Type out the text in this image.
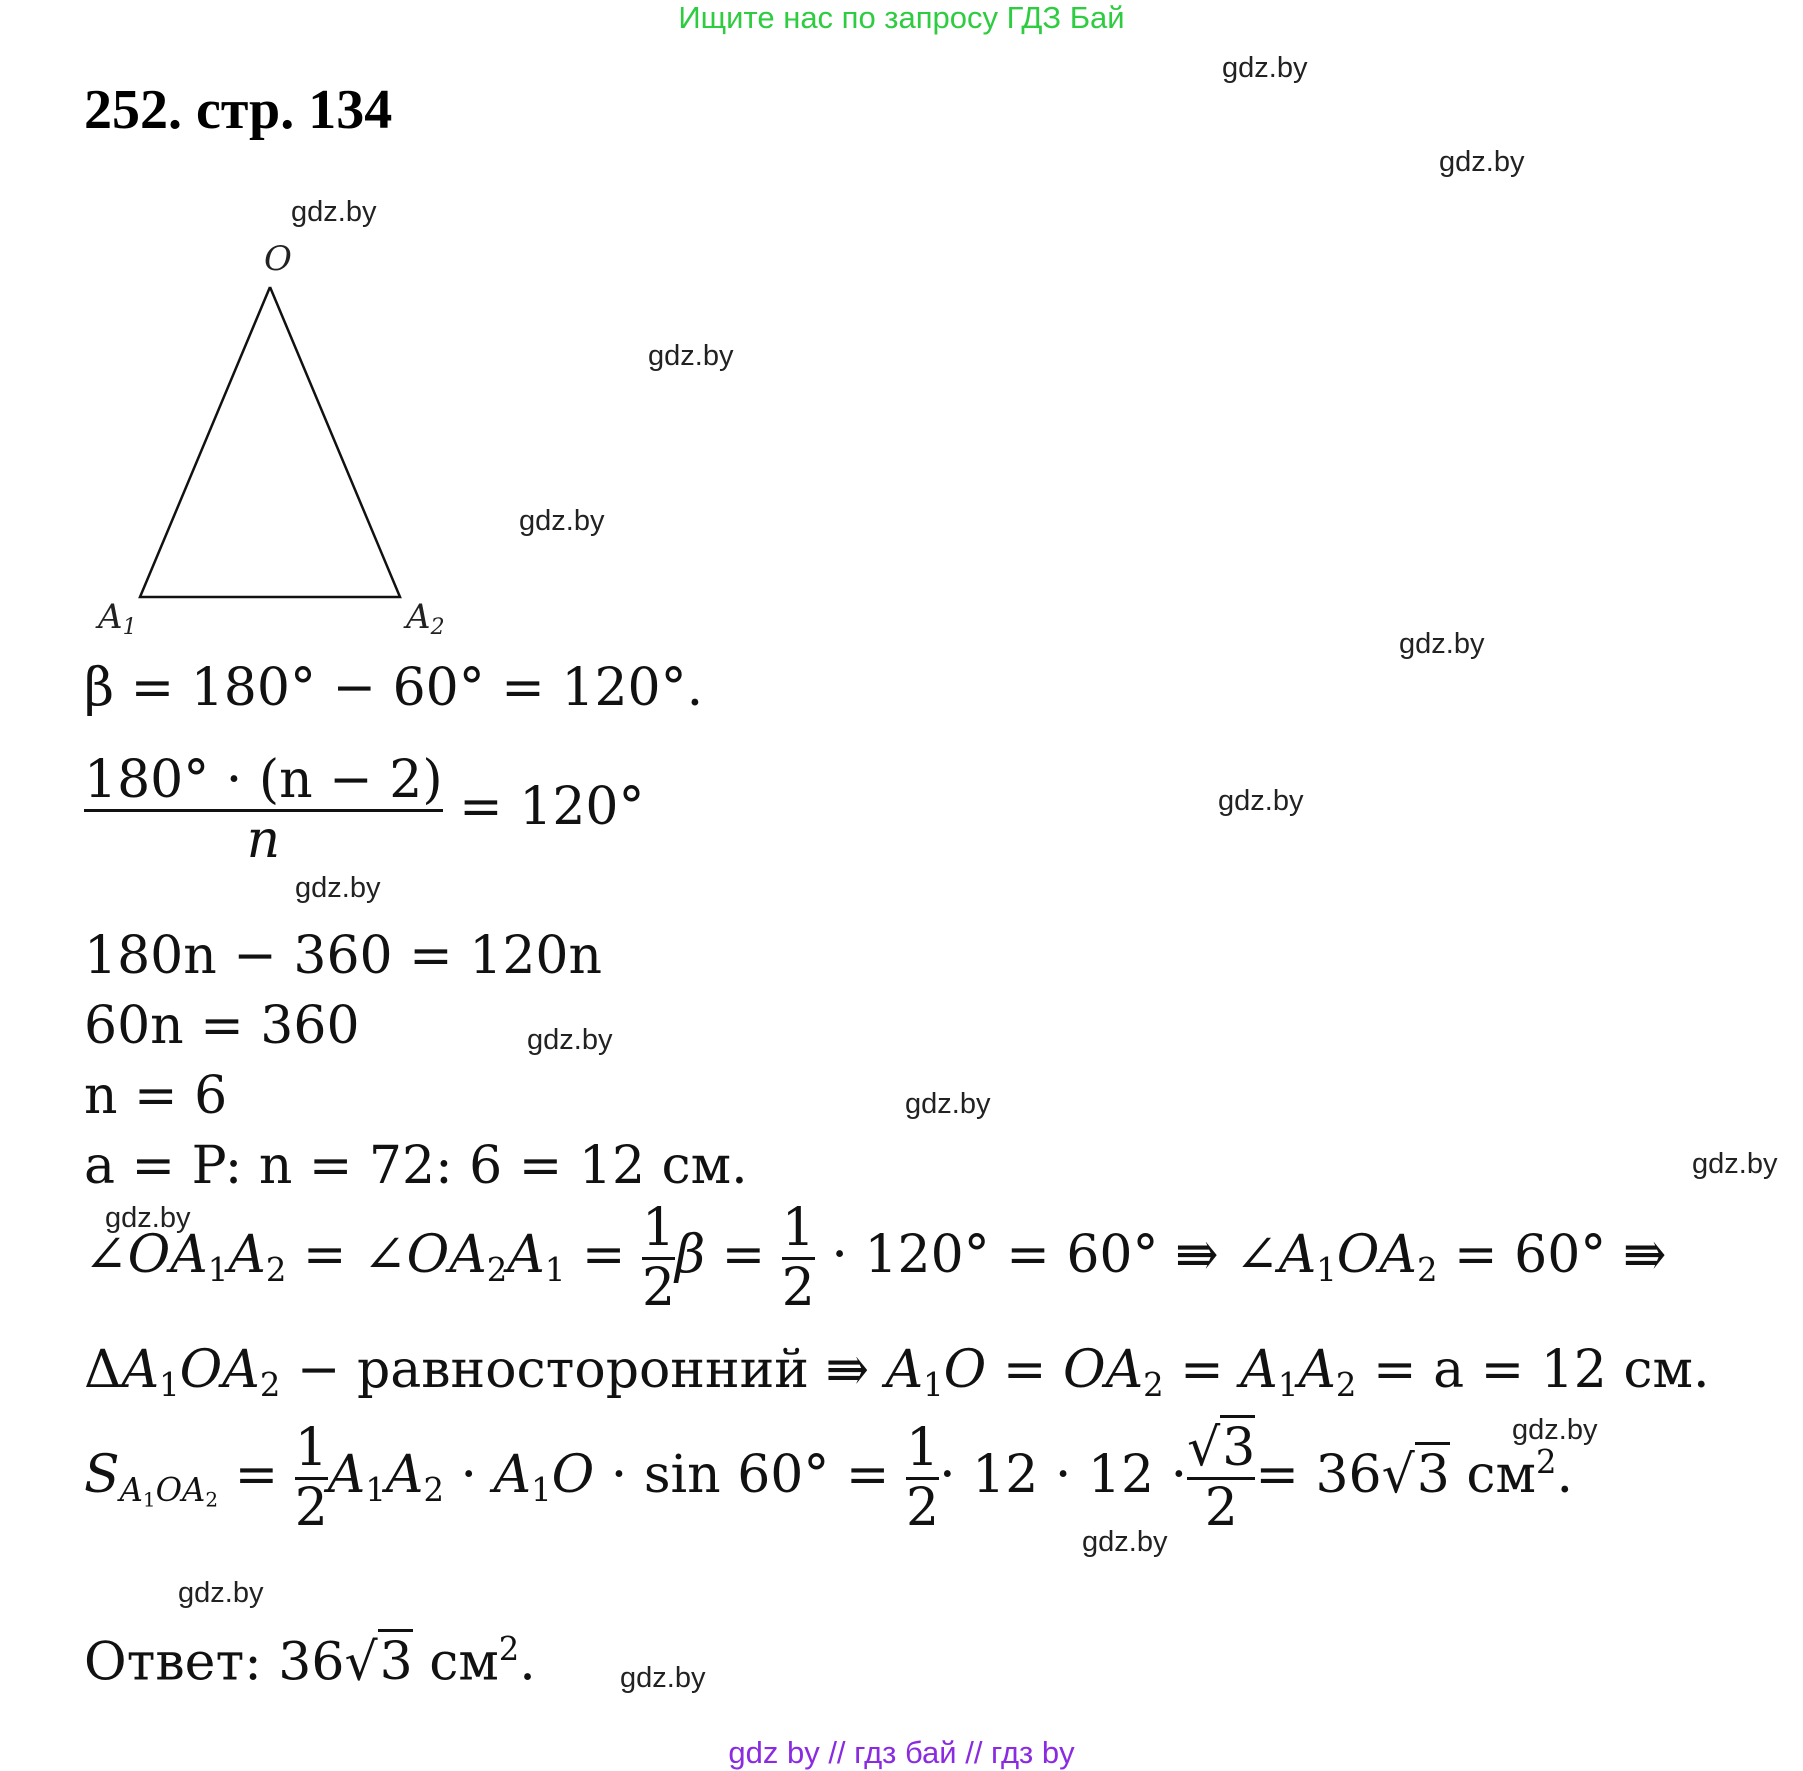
Ищите нас по запросу ГДЗ Бай
252. стр. 134
gdz.by
gdz.by
gdz.by
gdz.by
gdz.by
gdz.by
gdz.by
gdz.by
gdz.by
gdz.by
gdz.by
gdz.by
gdz.by
gdz.by
gdz.by
gdz.by
O
A1	A2
β = 180° − 60° = 120°.
$\frac{180^\circ \cdot (n - 2)}{n} = 120^\circ$
180n − 360 = 120n
60n = 360
n = 6
a = P: n = 72: 6 = 12 см.
$\angle OA_1A_2$ = $\angle OA_2A_1 = \frac{1}{2}$ $\beta = \frac{1}{2} \cdot 120^\circ = 60^\circ$ ⇛ $\angle A_1OA_2 = 60^\circ$ ⇛
$\Delta A_1OA_2$ − равносторонний ⇛ $A_1O = OA_2 = A_1A_2 = a = 12$ см.
$S_{A_1OA_2} = \frac{1}{2} A_1A_2 \cdot A_1O \cdot \sin 60^\circ = \frac{1}{2} \cdot 12 \cdot 12 \cdot \frac{√3}{2} = 36√3$ $см^2$.
Ответ: 36√3 $см^2$.
gdz by // гдз бай // гдз by
